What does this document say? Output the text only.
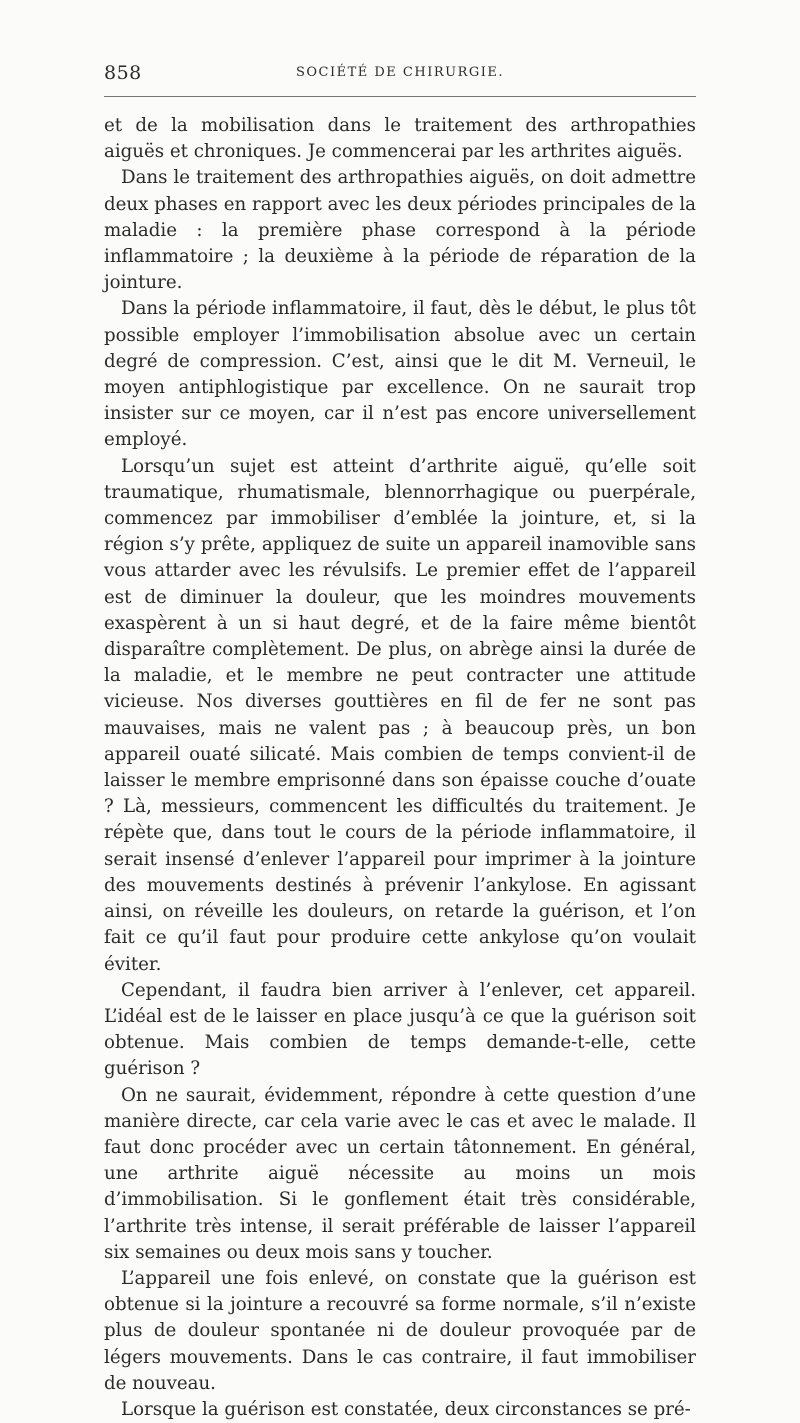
858	SOCIÉTÉ DE CHIRURGIE.

et de la mobilisation dans le traitement des arthropathies aiguës et chroniques. Je commencerai par les arthrites aiguës.

Dans le traitement des arthropathies aiguës, on doit admettre deux phases en rapport avec les deux périodes principales de la maladie : la première phase correspond à la période inflammatoire ; la deuxième à la période de réparation de la jointure.

Dans la période inflammatoire, il faut, dès le début, le plus tôt possible employer l’immobilisation absolue avec un certain degré de compression. C’est, ainsi que le dit M. Verneuil, le moyen antiphlogistique par excellence. On ne saurait trop insister sur ce moyen, car il n’est pas encore universellement employé.

Lorsqu’un sujet est atteint d’arthrite aiguë, qu’elle soit traumatique, rhumatismale, blennorrhagique ou puerpérale, commencez par immobiliser d’emblée la jointure, et, si la région s’y prête, appliquez de suite un appareil inamovible sans vous attarder avec les révulsifs. Le premier effet de l’appareil est de diminuer la douleur, que les moindres mouvements exaspèrent à un si haut degré, et de la faire même bientôt disparaître complètement. De plus, on abrège ainsi la durée de la maladie, et le membre ne peut contracter une attitude vicieuse. Nos diverses gouttières en fil de fer ne sont pas mauvaises, mais ne valent pas ; à beaucoup près, un bon appareil ouaté silicaté. Mais combien de temps convient-il de laisser le membre emprisonné dans son épaisse couche d’ouate ? Là, messieurs, commencent les difficultés du traitement. Je répète que, dans tout le cours de la période inflammatoire, il serait insensé d’enlever l’appareil pour imprimer à la jointure des mouvements destinés à prévenir l’ankylose. En agissant ainsi, on réveille les douleurs, on retarde la guérison, et l’on fait ce qu’il faut pour produire cette ankylose qu’on voulait éviter.

Cependant, il faudra bien arriver à l’enlever, cet appareil. L’idéal est de le laisser en place jusqu’à ce que la guérison soit obtenue. Mais combien de temps demande-t-elle, cette guérison ?

On ne saurait, évidemment, répondre à cette question d’une manière directe, car cela varie avec le cas et avec le malade. Il faut donc procéder avec un certain tâtonnement. En général, une arthrite aiguë nécessite au moins un mois d’immobilisation. Si le gonflement était très considérable, l’arthrite très intense, il serait préférable de laisser l’appareil six semaines ou deux mois sans y toucher.

L’appareil une fois enlevé, on constate que la guérison est obtenue si la jointure a recouvré sa forme normale, s’il n’existe plus de douleur spontanée ni de douleur provoquée par de légers mouvements. Dans le cas contraire, il faut immobiliser de nouveau.

Lorsque la guérison est constatée, deux circonstances se pré-
